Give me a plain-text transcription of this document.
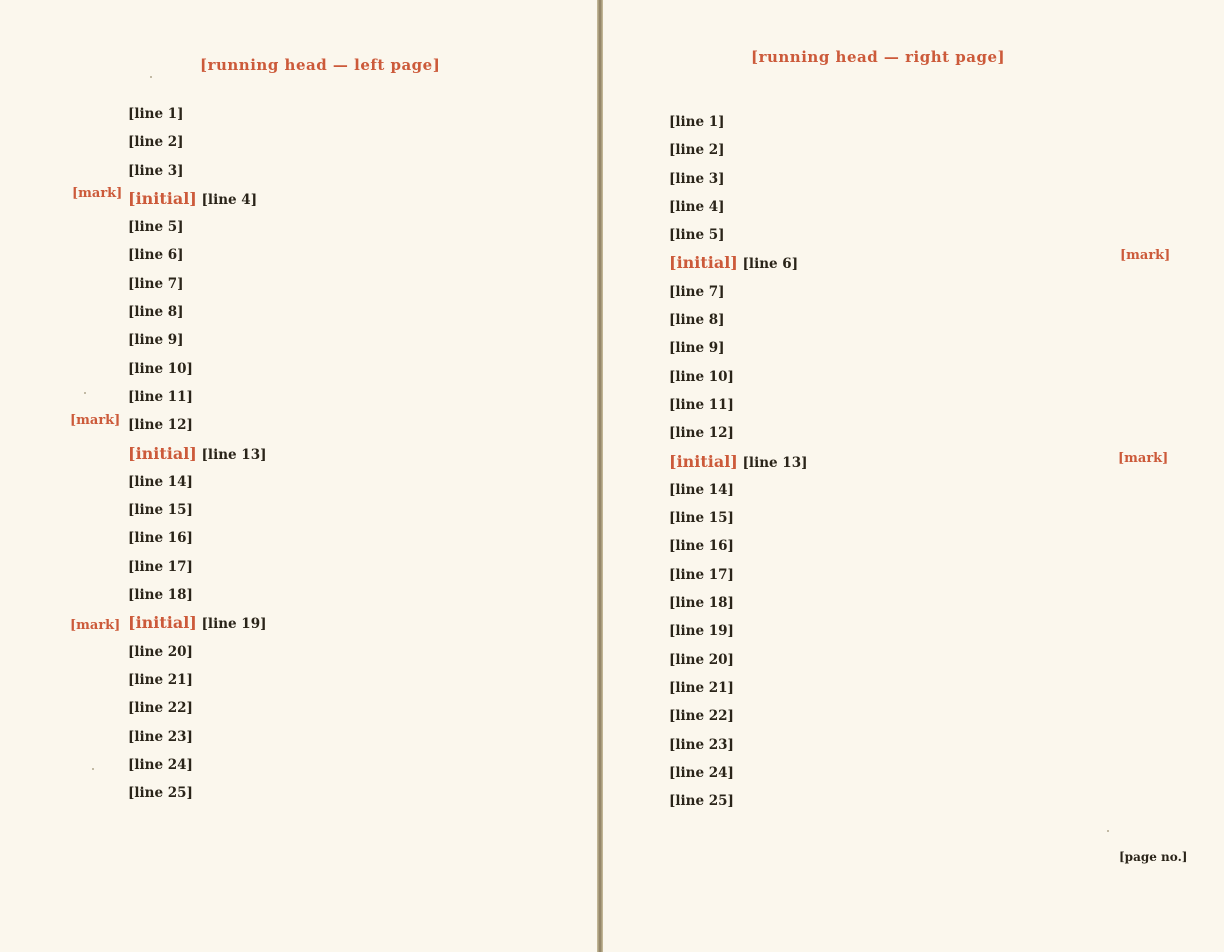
[running head — left page]
[mark]
[mark]
[mark]
[line 1]
[line 2]
[line 3]
[initial] [line 4]
[line 5]
[line 6]
[line 7]
[line 8]
[line 9]
[line 10]
[line 11]
[line 12]
[initial] [line 13]
[line 14]
[line 15]
[line 16]
[line 17]
[line 18]
[initial] [line 19]
[line 20]
[line 21]
[line 22]
[line 23]
[line 24]
[line 25]
[running head — right page]
[mark]
[mark]
[line 1]
[line 2]
[line 3]
[line 4]
[line 5]
[initial] [line 6]
[line 7]
[line 8]
[line 9]
[line 10]
[line 11]
[line 12]
[initial] [line 13]
[line 14]
[line 15]
[line 16]
[line 17]
[line 18]
[line 19]
[line 20]
[line 21]
[line 22]
[line 23]
[line 24]
[line 25]
[page no.]
